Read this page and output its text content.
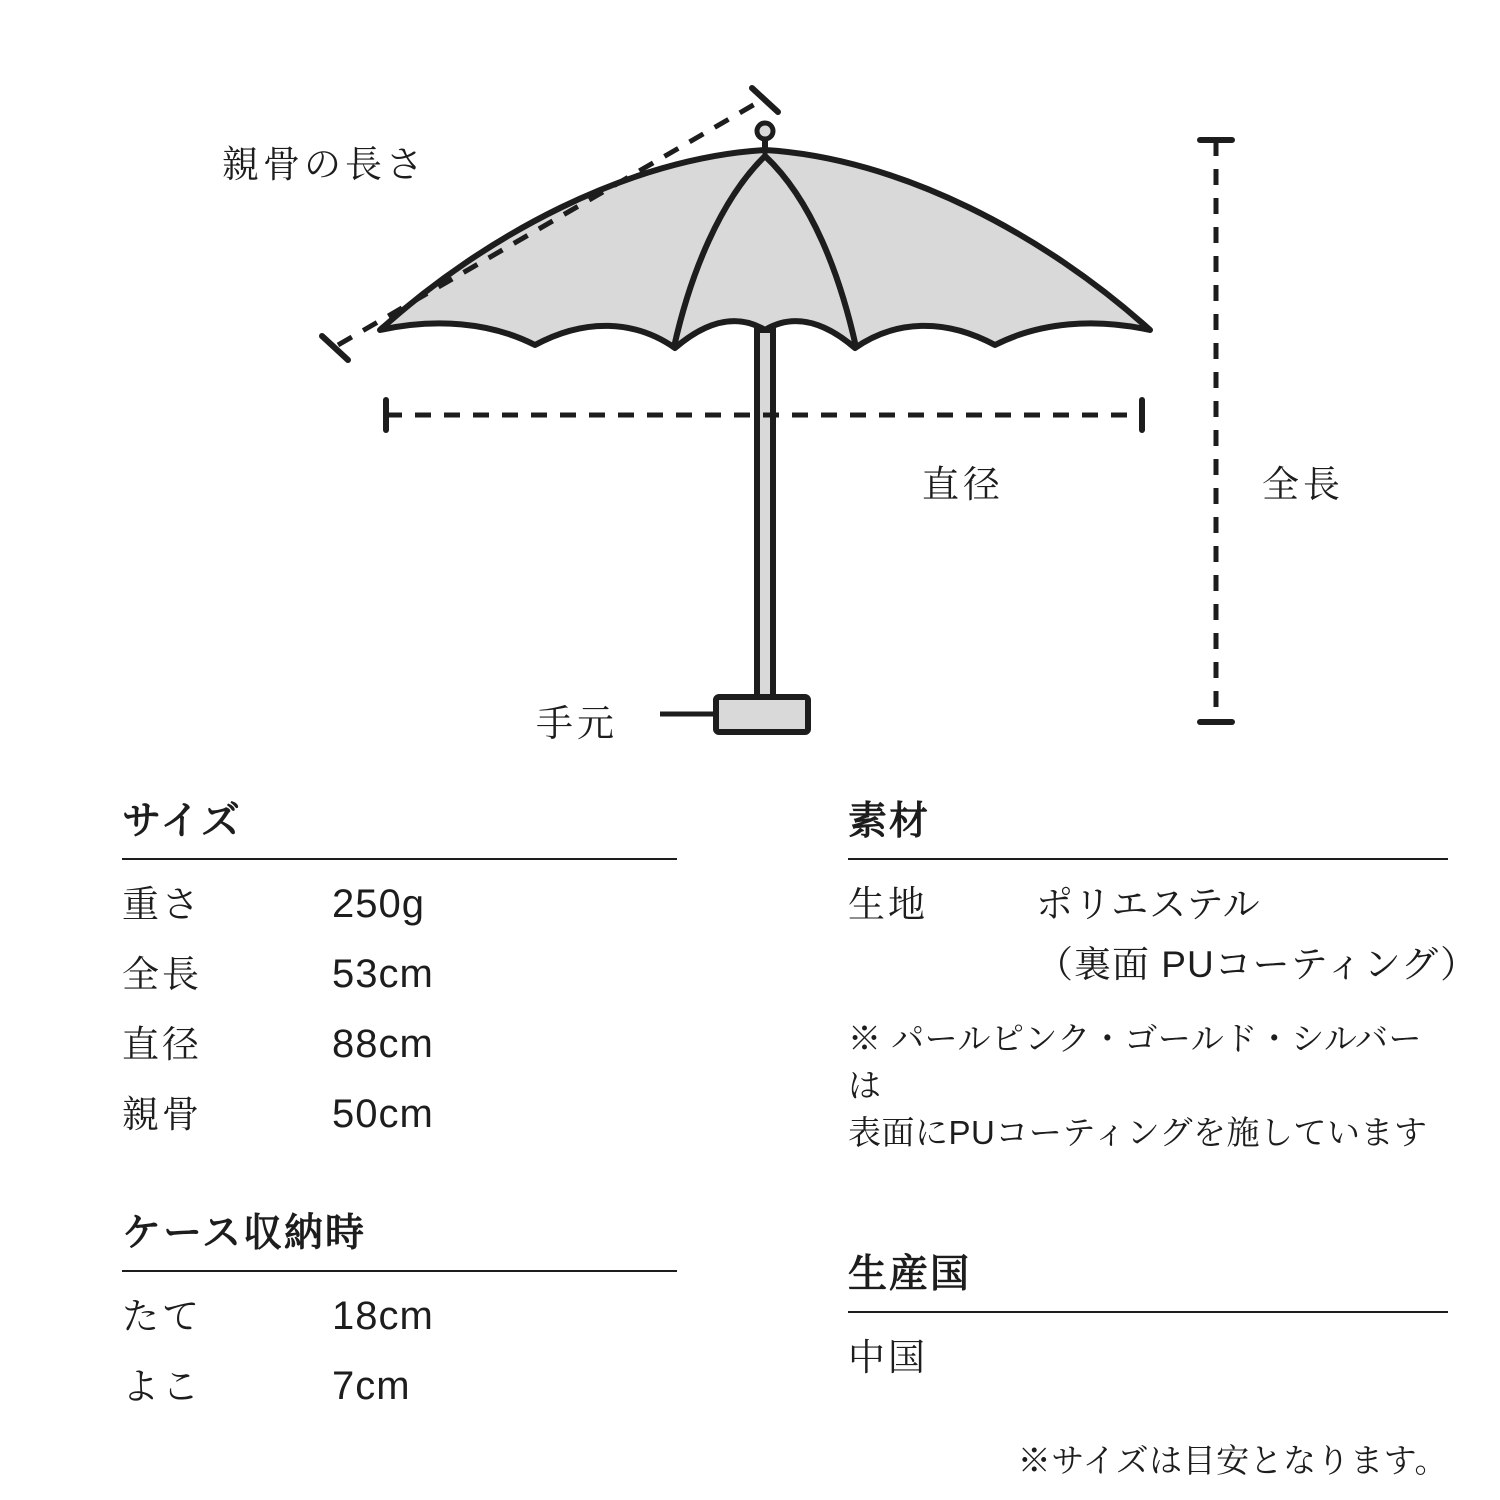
親骨の長さ
直径	全長
手元
サイズ
重さ	250g
全長	53cm
直径	88cm
親骨	50cm
ケース収納時
たて	18cm
よこ	7cm
素材
生地	ポリエステル
（裏面 PUコーティング）
※ パールピンク・ゴールド・シルバーは
表面にPUコーティングを施しています
生産国
中国
※サイズは目安となります。
